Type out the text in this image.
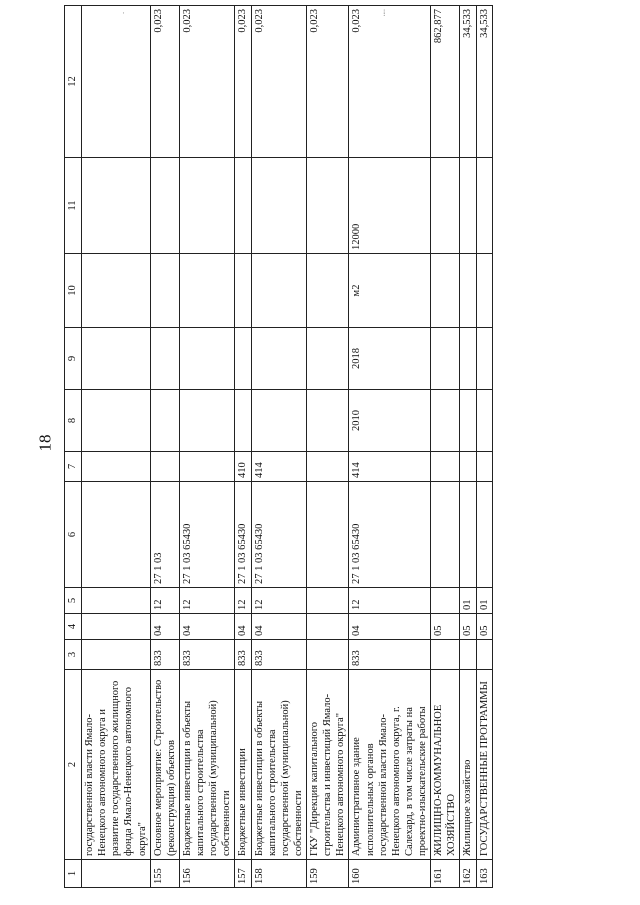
18
·	⁞
1	2	3	4	5	6	7	8	9	10	11	12
	государственной власти Ямало-Ненецкого автономного округа и развитие государственного жилищного фонда Ямало-Ненецкого автономного округа"										
155	Основное мероприятие: Строительство (реконструкция) объектов	833	04	12	27 1 03						0,023
156	Бюджетные инвестиции в объекты капитального строительства государственной (муниципальной) собственности	833	04	12	27 1 03 65430						0,023
157	Бюджетные инвестиции	833	04	12	27 1 03 65430	410					0,023
158	Бюджетные инвестиции в объекты капитального строительства государственной (муниципальной) собственности	833	04	12	27 1 03 65430	414					0,023
159	ГКУ "Дирекция капитального строительства и инвестиций Ямало-Ненецкого автономного округа"										0,023
160	Административное здание исполнительных органов государственной власти Ямало-Ненецкого автономного округа, г. Салехард, в том числе затраты на проектно-изыскательские работы	833	04	12	27 1 03 65430	414	2010	2018	м2	12000	0,023
161	ЖИЛИЩНО-КОММУНАЛЬНОЕ ХОЗЯЙСТВО		05								862,877
162	Жилищное хозяйство		05	01							34,533
163	ГОСУДАРСТВЕННЫЕ ПРОГРАММЫ		05	01							34,533
